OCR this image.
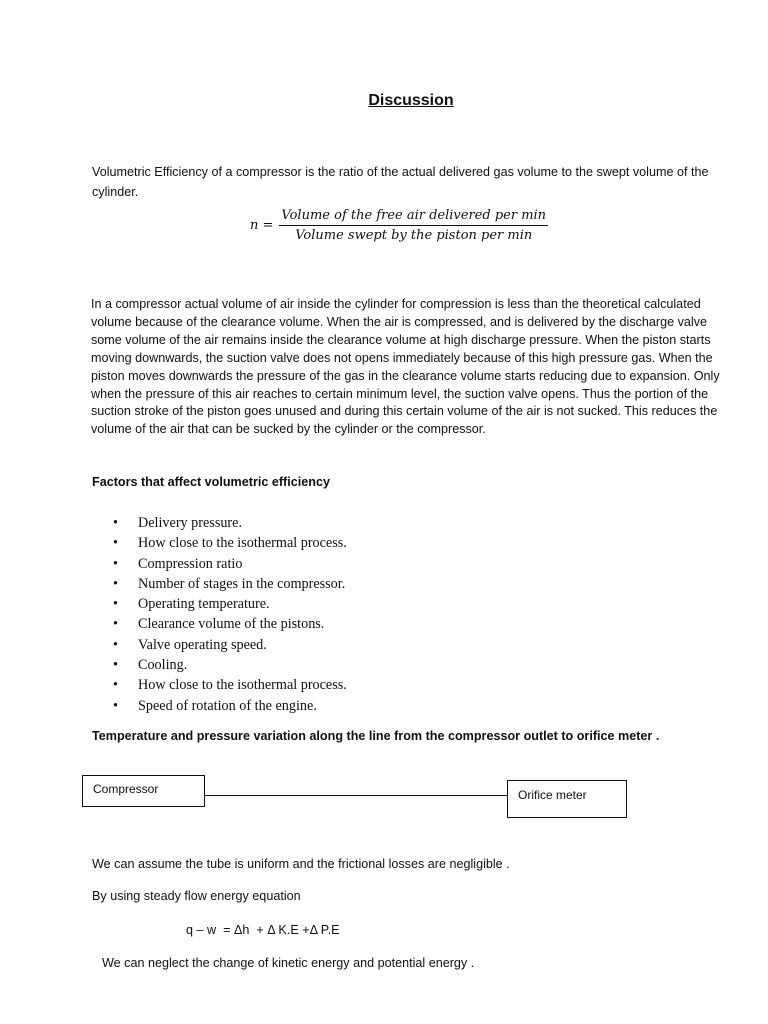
Discussion
Volumetric Efficiency of a compressor is the ratio of the actual delivered gas volume to the swept volume of the cylinder.
$n = \frac{\text{Volume of the free air delivered per min}}{\text{Volume swept by the piston per min}}$
In a compressor actual volume of air inside the cylinder for compression is less than the theoretical calculated volume because of the clearance volume. When the air is compressed, and is delivered by the discharge valve some volume of the air remains inside the clearance volume at high discharge pressure. When the piston starts moving downwards, the suction valve does not opens immediately because of this high pressure gas. When the piston moves downwards the pressure of the gas in the clearance volume starts reducing due to expansion. Only when the pressure of this air reaches to certain minimum level, the suction valve opens. Thus the portion of the suction stroke of the piston goes unused and during this certain volume of the air is not sucked. This reduces the volume of the air that can be sucked by the cylinder or the compressor.
Factors that affect volumetric efficiency
• Delivery pressure.
• How close to the isothermal process.
• Compression ratio
• Number of stages in the compressor.
• Operating temperature.
• Clearance volume of the pistons.
• Valve operating speed.
• Cooling.
• How close to the isothermal process.
• Speed of rotation of the engine.
Temperature and pressure variation along the line from the compressor outlet to orifice meter .
Compressor	Orifice meter
We can assume the tube is uniform and the frictional losses are negligible .
By using steady flow energy equation
q – w  = Δh  + Δ K.E +Δ P.E
We can neglect the change of kinetic energy and potential energy .
